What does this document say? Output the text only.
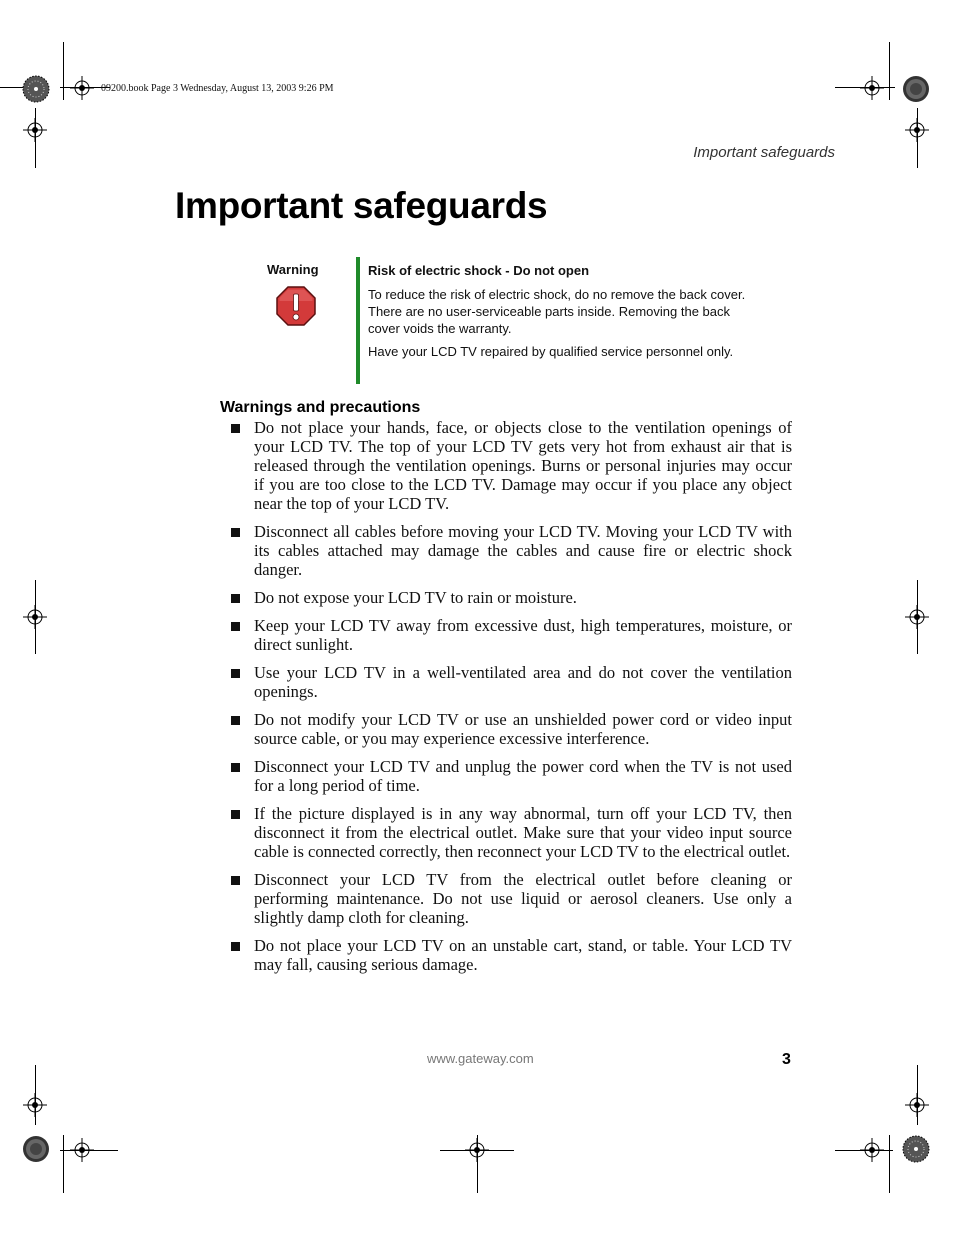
09200.book Page 3 Wednesday, August 13, 2003 9:26 PM
Important safeguards
Important safeguards
Warning	Risk of electric shock - Do not open

To reduce the risk of electric shock, do no remove the back cover. There are no user-serviceable parts inside. Removing the back cover voids the warranty.

Have your LCD TV repaired by qualified service personnel only.

Warnings and precautions
Do not place your hands, face, or objects close to the ventilation openings of your LCD TV. The top of your LCD TV gets very hot from exhaust air that is released through the ventilation openings. Burns or personal injuries may occur if you are too close to the LCD TV. Damage may occur if you place any object near the top of your LCD TV.
Disconnect all cables before moving your LCD TV. Moving your LCD TV with its cables attached may damage the cables and cause fire or electric shock danger.
Do not expose your LCD TV to rain or moisture.
Keep your LCD TV away from excessive dust, high temperatures, moisture, or direct sunlight.
Use your LCD TV in a well-ventilated area and do not cover the ventilation openings.
Do not modify your LCD TV or use an unshielded power cord or video input source cable, or you may experience excessive interference.
Disconnect your LCD TV and unplug the power cord when the TV is not used for a long period of time.
If the picture displayed is in any way abnormal, turn off your LCD TV, then disconnect it from the electrical outlet. Make sure that your video input source cable is connected correctly, then reconnect your LCD TV to the electrical outlet.
Disconnect your LCD TV from the electrical outlet before cleaning or performing maintenance. Do not use liquid or aerosol cleaners. Use only a slightly damp cloth for cleaning.
Do not place your LCD TV on an unstable cart, stand, or table. Your LCD TV may fall, causing serious damage.
www.gateway.com	3
